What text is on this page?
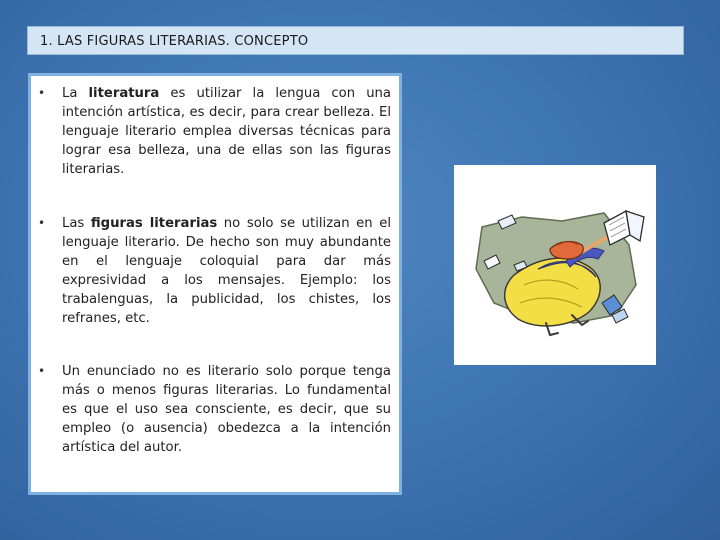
1. LAS FIGURAS LITERARIAS. CONCEPTO
• La literatura es utilizar la lengua con una intención artística, es decir, para crear belleza. El lenguaje literario emplea diversas técnicas para lograr esa belleza, una de ellas son las figuras literarias.
• Las figuras literarias no solo se utilizan en el lenguaje literario. De hecho son muy abundante en el lenguaje coloquial para dar más expresividad a los mensajes. Ejemplo: los trabalenguas, la publicidad, los chistes, los refranes, etc.
• Un enunciado no es literario solo porque tenga más o menos figuras literarias. Lo fundamental es que el uso sea consciente, es decir, que su empleo (o ausencia) obedezca a la intención artística del autor.
